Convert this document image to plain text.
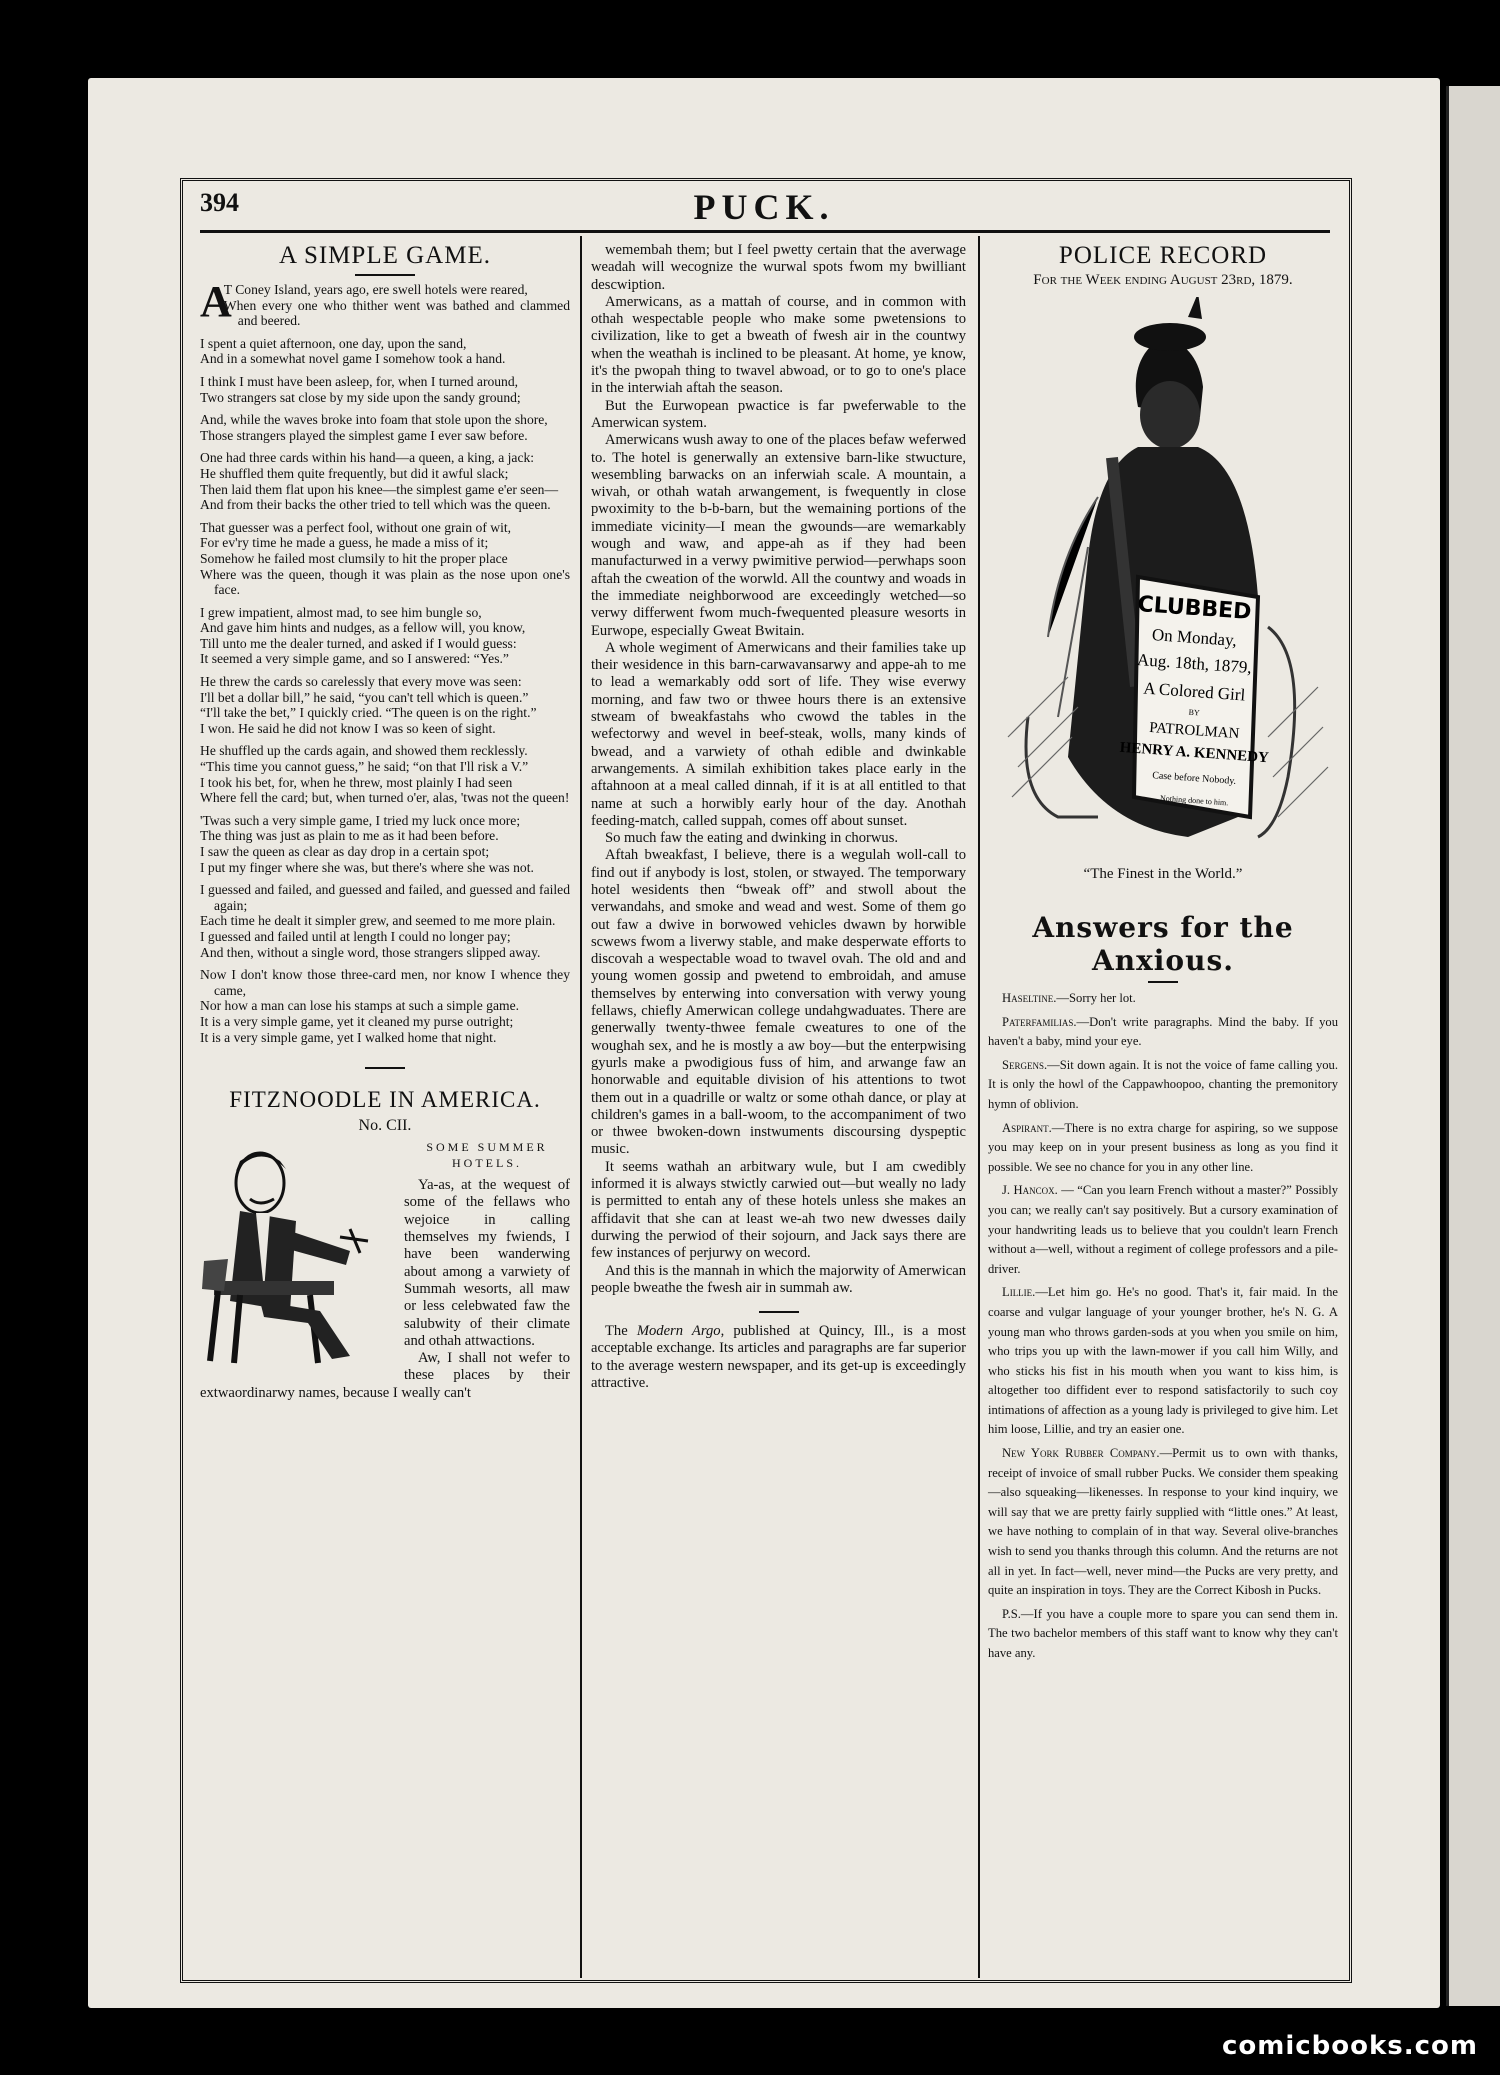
394	PUCK.
A SIMPLE GAME.
A
T Coney Island, years ago, ere swell hotels were reared,
When every one who thither went was bathed and clammed and beered.
I spent a quiet afternoon, one day, upon the sand,
And in a somewhat novel game I somehow took a hand.
I think I must have been asleep, for, when I turned around,
Two strangers sat close by my side upon the sandy ground;
And, while the waves broke into foam that stole upon the shore,
Those strangers played the simplest game I ever saw before.
One had three cards within his hand—a queen, a king, a jack:
He shuffled them quite frequently, but did it awful slack;
Then laid them flat upon his knee—the simplest game e'er seen—
And from their backs the other tried to tell which was the queen.
That guesser was a perfect fool, without one grain of wit,
For ev'ry time he made a guess, he made a miss of it;
Somehow he failed most clumsily to hit the proper place
Where was the queen, though it was plain as the nose upon one's face.
I grew impatient, almost mad, to see him bungle so,
And gave him hints and nudges, as a fellow will, you know,
Till unto me the dealer turned, and asked if I would guess:
It seemed a very simple game, and so I answered: “Yes.”
He threw the cards so carelessly that every move was seen:
I'll bet a dollar bill,” he said, “you can't tell which is queen.”
“I'll take the bet,” I quickly cried. “The queen is on the right.”
I won. He said he did not know I was so keen of sight.
He shuffled up the cards again, and showed them recklessly.
“This time you cannot guess,” he said; “on that I'll risk a V.”
I took his bet, for, when he threw, most plainly I had seen
Where fell the card; but, when turned o'er, alas, 'twas not the queen!
'Twas such a very simple game, I tried my luck once more;
The thing was just as plain to me as it had been before.
I saw the queen as clear as day drop in a certain spot;
I put my finger where she was, but there's where she was not.
I guessed and failed, and guessed and failed, and guessed and failed again;
Each time he dealt it simpler grew, and seemed to me more plain.
I guessed and failed until at length I could no longer pay;
And then, without a single word, those strangers slipped away.
Now I don't know those three-card men, nor know I whence they came,
Nor how a man can lose his stamps at such a simple game.
It is a very simple game, yet it cleaned my purse outright;
It is a very simple game, yet I walked home that night.
FITZNOODLE IN AMERICA.
No. CII.
SOME SUMMER HOTELS.

Ya-as, at the wequest of some of the fellaws who wejoice in calling themselves my fwiends, I have been wanderwing about among a varwiety of Summah wesorts, all maw or less celebwated faw the salubwity of their climate and othah attwactions.

Aw, I shall not wefer to these places by their extwaordinarwy names, because I weally can't

wemembah them; but I feel pwetty certain that the averwage weadah will wecognize the wurwal spots fwom my bwilliant descwiption.

Amerwicans, as a mattah of course, and in common with othah wespectable people who make some pwetensions to civilization, like to get a bweath of fwesh air in the countwy when the weathah is inclined to be pleasant. At home, ye know, it's the pwopah thing to twavel abwoad, or to go to one's place in the interwiah aftah the season.

But the Eurwopean pwactice is far pweferwable to the Amerwican system.

Amerwicans wush away to one of the places befaw weferwed to. The hotel is generwally an extensive barn-like stwucture, wesembling barwacks on an inferwiah scale. A mountain, a wivah, or othah watah arwangement, is fwequently in close pwoximity to the b-b-barn, but the wemaining portions of the immediate vicinity—I mean the gwounds—are wemarkably wough and waw, and appe-ah as if they had been manufacturwed in a verwy pwimitive perwiod—perwhaps soon aftah the cweation of the worwld. All the countwy and woads in the immediate neighborwood are exceedingly wetched—so verwy differwent fwom much-fwequented pleasure wesorts in Eurwope, especially Gweat Bwitain.

A whole wegiment of Amerwicans and their families take up their wesidence in this barn-carwavansarwy and appe-ah to me to lead a wemarkably odd sort of life. They wise everwy morning, and faw two or thwee hours there is an extensive stweam of bweakfastahs who cwowd the tables in the wefectorwy and wevel in beef-steak, wolls, many kinds of bwead, and a varwiety of othah edible and dwinkable arwangements. A similah exhibition takes place early in the aftahnoon at a meal called dinnah, if it is at all entitled to that name at such a horwibly early hour of the day. Anothah feeding-match, called suppah, comes off about sunset.

So much faw the eating and dwinking in chorwus.

Aftah bweakfast, I believe, there is a wegulah woll-call to find out if anybody is lost, stolen, or stwayed. The temporwary hotel wesidents then “bweak off” and stwoll about the verwandahs, and smoke and wead and west. Some of them go out faw a dwive in borwowed vehicles dwawn by horwible scwews fwom a liverwy stable, and make desperwate efforts to discovah a wespectable woad to twavel ovah. The old and and young women gossip and pwetend to embroidah, and amuse themselves by enterwing into conversation with verwy young fellaws, chiefly Amerwican college undahgwaduates. There are generwally twenty-thwee female cweatures to one of the woughah sex, and he is mostly a aw boy—but the enterpwising gyurls make a pwodigious fuss of him, and arwange faw an honorwable and equitable division of his attentions to twot them out in a quadrille or waltz or some othah dance, or play at children's games in a ball-woom, to the accompaniment of two or thwee bwoken-down instwuments discoursing dyspeptic music.

It seems wathah an arbitwary wule, but I am cwedibly informed it is always stwictly carwied out—but weally no lady is permitted to entah any of these hotels unless she makes an affidavit that she can at least we-ah two new dwesses daily durwing the perwiod of their sojourn, and Jack says there are few instances of perjurwy on wecord.

And this is the mannah in which the majorwity of Amerwican people bweathe the fwesh air in summah aw.

The Modern Argo, published at Quincy, Ill., is a most acceptable exchange. Its articles and paragraphs are far superior to the average western newspaper, and its get-up is exceedingly attractive.

POLICE RECORD
For the Week ending August 23rd, 1879.
CLUBBED
On Monday,
Aug. 18th, 1879,
A Colored Girl
BY
PATROLMAN
HENRY A. KENNEDY
Case before Nobody.
Nothing done to him.
“The Finest in the World.”
Answers for the Anxious.

Haseltine.—Sorry her lot.

Paterfamilias.—Don't write paragraphs. Mind the baby. If you haven't a baby, mind your eye.

Sergens.—Sit down again. It is not the voice of fame calling you. It is only the howl of the Cappawhoopoo, chanting the premonitory hymn of oblivion.

Aspirant.—There is no extra charge for aspiring, so we suppose you may keep on in your present business as long as you find it possible. We see no chance for you in any other line.

J. Hancox. — “Can you learn French without a master?” Possibly you can; we really can't say positively. But a cursory examination of your handwriting leads us to believe that you couldn't learn French without a—well, without a regiment of college professors and a pile-driver.

Lillie.—Let him go. He's no good. That's it, fair maid. In the coarse and vulgar language of your younger brother, he's N. G. A young man who throws garden-sods at you when you smile on him, who trips you up with the lawn-mower if you call him Willy, and who sticks his fist in his mouth when you want to kiss him, is altogether too diffident ever to respond satisfactorily to such coy intimations of affection as a young lady is privileged to give him. Let him loose, Lillie, and try an easier one.

New York Rubber Company.—Permit us to own with thanks, receipt of invoice of small rubber Pucks. We consider them speaking—also squeaking—likenesses. In response to your kind inquiry, we will say that we are pretty fairly supplied with “little ones.” At least, we have nothing to complain of in that way. Several olive-branches wish to send you thanks through this column. And the returns are not all in yet. In fact—well, never mind—the Pucks are very pretty, and quite an inspiration in toys. They are the Correct Kibosh in Pucks.

P.S.—If you have a couple more to spare you can send them in. The two bachelor members of this staff want to know why they can't have any.

comicbooks.com
